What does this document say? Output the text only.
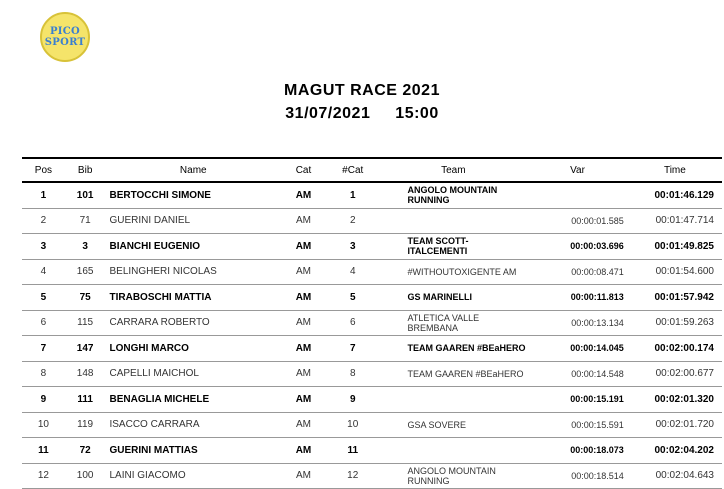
PICO
SPORT
MAGUT RACE 2021
31/07/2021 15:00
Pos	Bib	Name	Cat	#Cat	Team	Var	Time
1	101	BERTOCCHI SIMONE	AM	1	ANGOLO MOUNTAIN RUNNING		00:01:46.129
2	71	GUERINI DANIEL	AM	2		00:00:01.585	00:01:47.714
3	3	BIANCHI EUGENIO	AM	3	TEAM SCOTT-ITALCEMENTI	00:00:03.696	00:01:49.825
4	165	BELINGHERI NICOLAS	AM	4	#WITHOUTOXIGENTE AM	00:00:08.471	00:01:54.600
5	75	TIRABOSCHI MATTIA	AM	5	GS MARINELLI	00:00:11.813	00:01:57.942
6	115	CARRARA ROBERTO	AM	6	ATLETICA VALLE BREMBANA	00:00:13.134	00:01:59.263
7	147	LONGHI MARCO	AM	7	TEAM GAAREN #BEaHERO	00:00:14.045	00:02:00.174
8	148	CAPELLI MAICHOL	AM	8	TEAM GAAREN #BEaHERO	00:00:14.548	00:02:00.677
9	111	BENAGLIA MICHELE	AM	9		00:00:15.191	00:02:01.320
10	119	ISACCO CARRARA	AM	10	GSA SOVERE	00:00:15.591	00:02:01.720
11	72	GUERINI MATTIAS	AM	11		00:00:18.073	00:02:04.202
12	100	LAINI GIACOMO	AM	12	ANGOLO MOUNTAIN RUNNING	00:00:18.514	00:02:04.643
